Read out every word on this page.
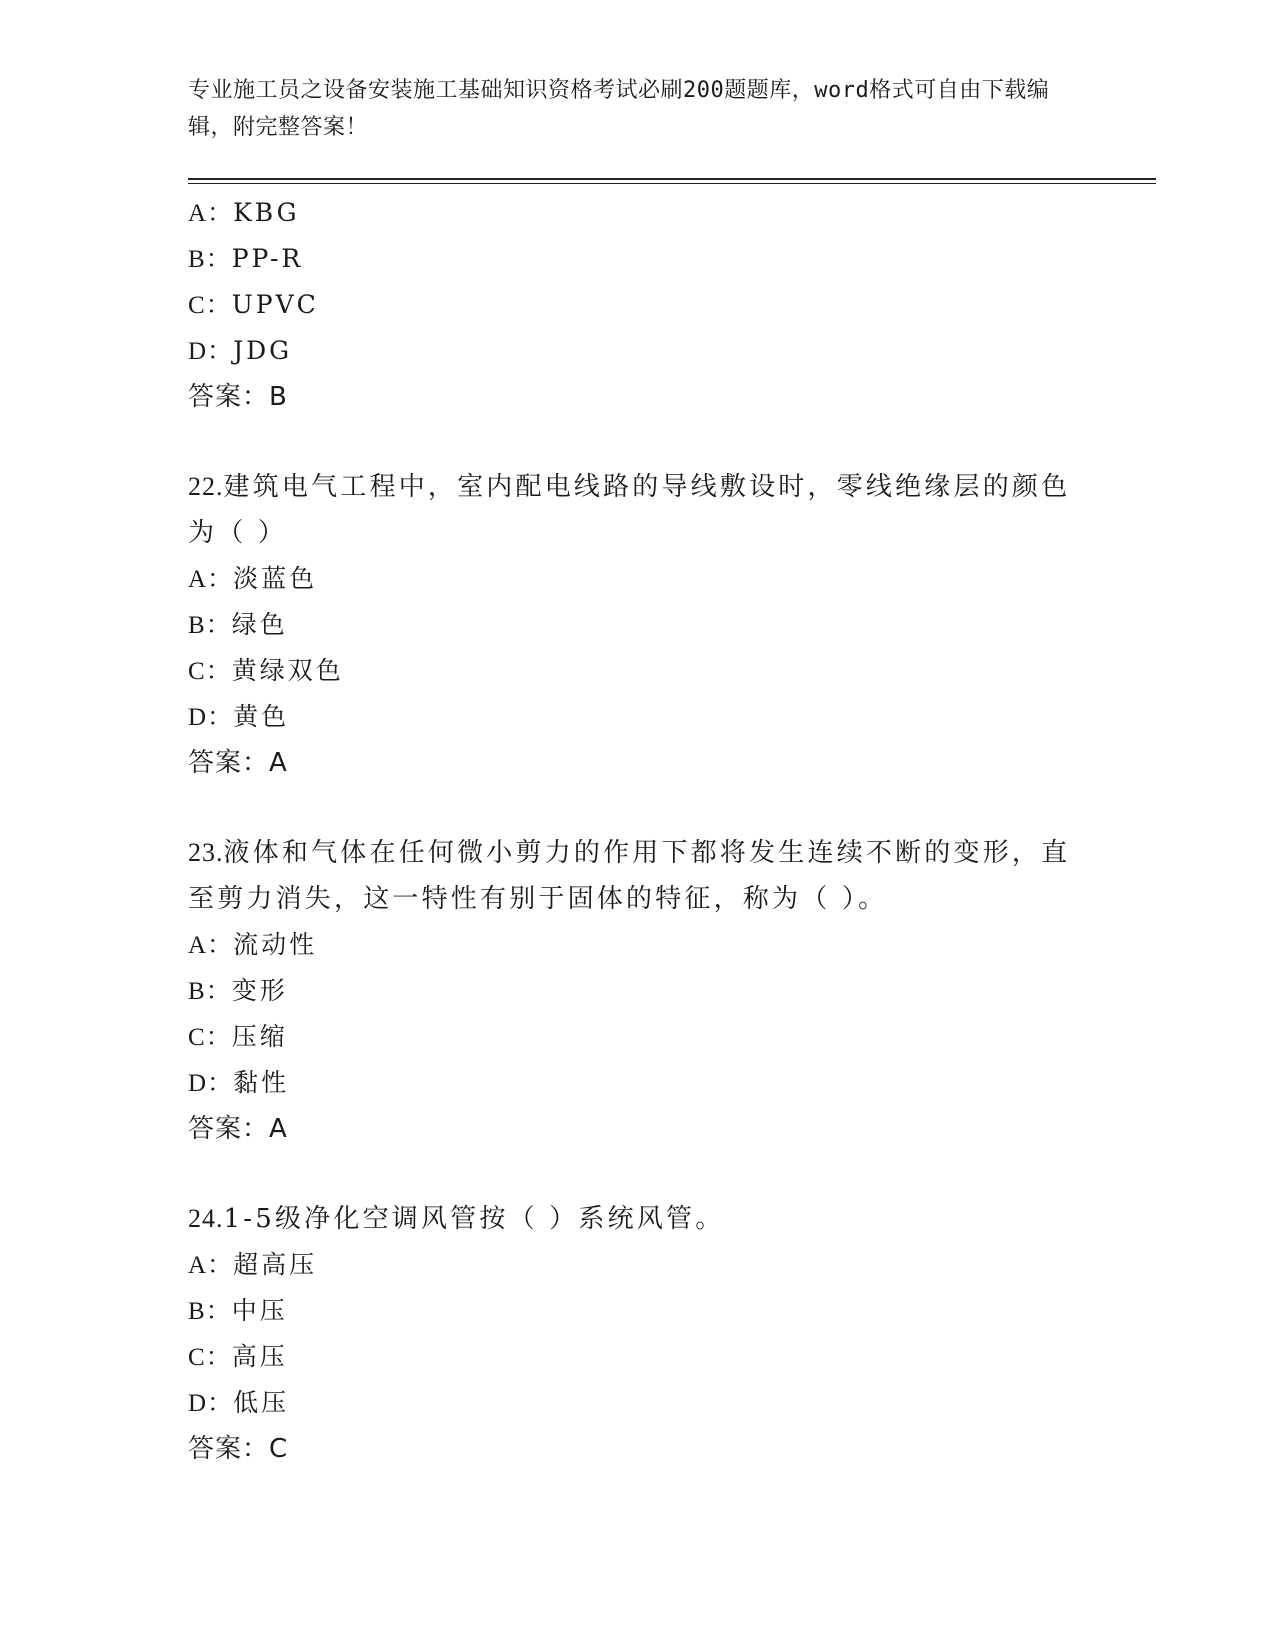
专业施工员之设备安装施工基础知识资格考试必刷200题题库，word格式可自由下载编辑，附完整答案！
A：KBG
B：PP-R
C：UPVC
D：JDG
答案：B
22.建筑电气工程中，室内配电线路的导线敷设时，零线绝缘层的颜色为（ ）
A：淡蓝色
B：绿色
C：黄绿双色
D：黄色
答案：A
23.液体和气体在任何微小剪力的作用下都将发生连续不断的变形，直至剪力消失，这一特性有别于固体的特征，称为（ ）。
A：流动性
B：变形
C：压缩
D：黏性
答案：A
24.1-5级净化空调风管按（ ）系统风管。
A：超高压
B：中压
C：高压
D：低压
答案：C
